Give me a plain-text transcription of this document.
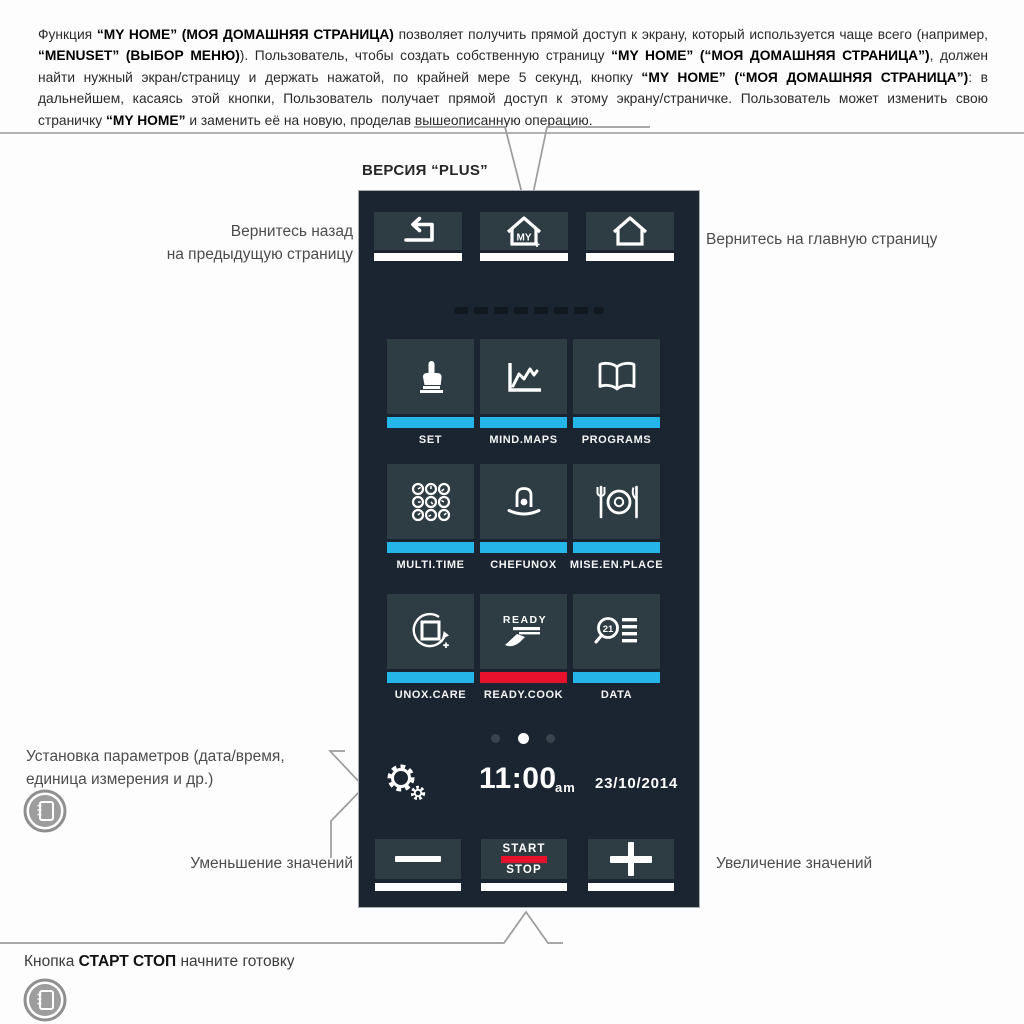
Функция “MY HOME” (МОЯ ДОМАШНЯЯ СТРАНИЦА) позволяет получить прямой доступ к экрану, который используется чаще всего (например, “MENUSET” (ВЫБОР МЕНЮ)). Пользователь, чтобы создать собственную страницу “MY HOME” (“МОЯ ДОМАШНЯЯ СТРАНИЦА”), должен найти нужный экран/страницу и держать нажатой, по крайней мере 5 секунд, кнопку “MY HOME” (“МОЯ ДОМАШНЯЯ СТРАНИЦА”): в дальнейшем, касаясь этой кнопки, Пользователь получает прямой доступ к этому экрану/страничке. Пользователь может изменить свою страничку “MY HOME” и заменить её на новую, проделав вышеописанную операцию.

ВЕРСИЯ “PLUS”
MY
SET	MIND.MAPS	PROGRAMS
MULTI.TIME	CHEFUNOX	MISE.EN.PLACE
UNOX.CARE
READY
READY.COOK
21
DATA
11:00
am 23/10/2014
START
STOP
Вернитесь назад
на предыдущую страницу
Вернитесь на главную страницу
Установка параметров (дата/время,
единица измерения и др.)
Уменьшение значений	Увеличение значений
Кнопка СТАРТ СТОП начните готовку
